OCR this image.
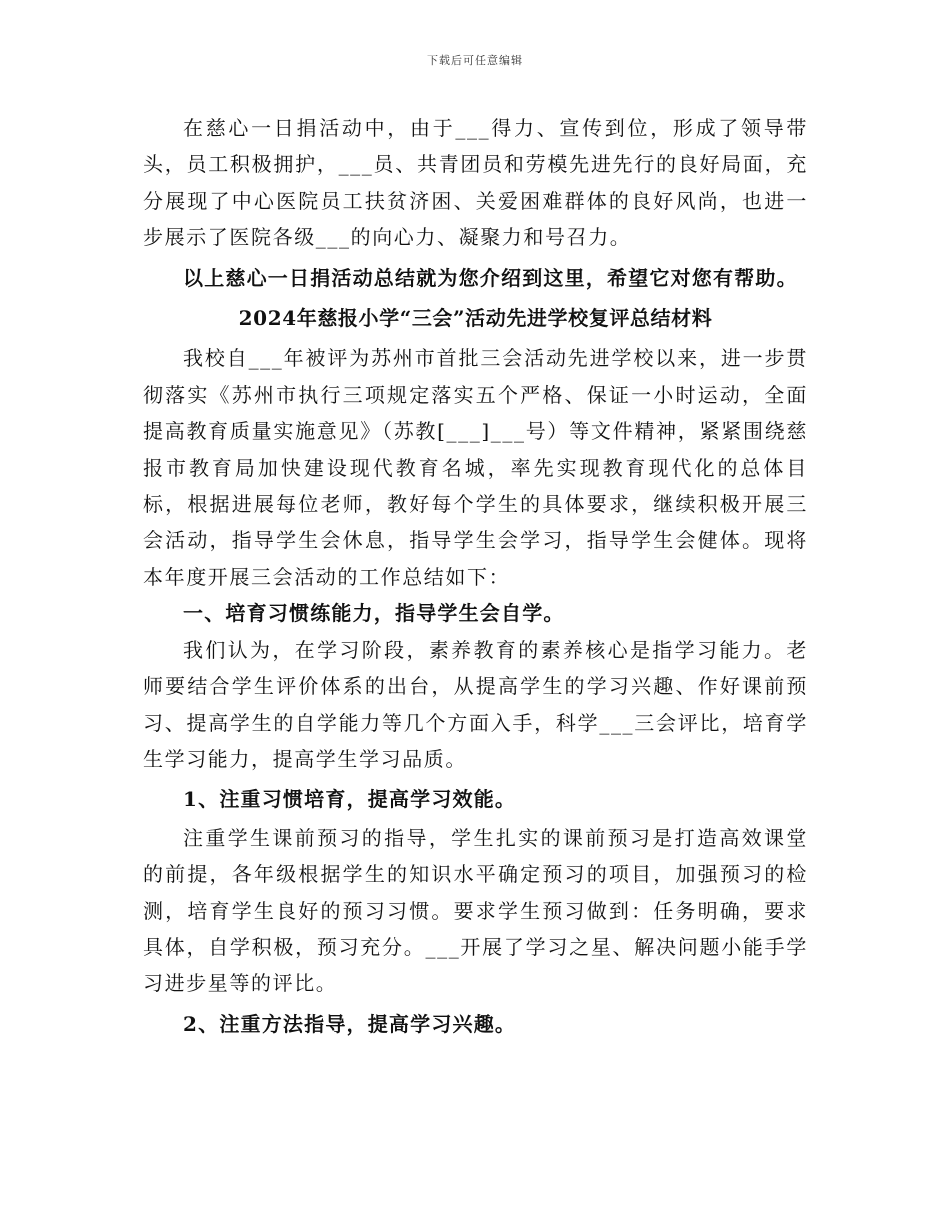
下载后可任意编辑

在慈心一日捐活动中，由于___得力、宣传到位，形成了领导带头，员工积极拥护，___员、共青团员和劳模先进先行的良好局面，充分展现了中心医院员工扶贫济困、关爱困难群体的良好风尚，也进一步展示了医院各级___的向心力、凝聚力和号召力。

以上慈心一日捐活动总结就为您介绍到这里，希望它对您有帮助。

2024年慈报小学“三会”活动先进学校复评总结材料

我校自___年被评为苏州市首批三会活动先进学校以来，进一步贯彻落实《苏州市执行三项规定落实五个严格、保证一小时运动，全面提高教育质量实施意见》（苏教[___]___号）等文件精神，紧紧围绕慈报市教育局加快建设现代教育名城，率先实现教育现代化的总体目标，根据进展每位老师，教好每个学生的具体要求，继续积极开展三会活动，指导学生会休息，指导学生会学习，指导学生会健体。现将本年度开展三会活动的工作总结如下：

一、培育习惯练能力，指导学生会自学。

我们认为，在学习阶段，素养教育的素养核心是指学习能力。老师要结合学生评价体系的出台，从提高学生的学习兴趣、作好课前预习、提高学生的自学能力等几个方面入手，科学___三会评比，培育学生学习能力，提高学生学习品质。

1、注重习惯培育，提高学习效能。

注重学生课前预习的指导，学生扎实的课前预习是打造高效课堂的前提，各年级根据学生的知识水平确定预习的项目，加强预习的检测，培育学生良好的预习习惯。要求学生预习做到：任务明确，要求具体，自学积极，预习充分。___开展了学习之星、解决问题小能手学习进步星等的评比。

2、注重方法指导，提高学习兴趣。
